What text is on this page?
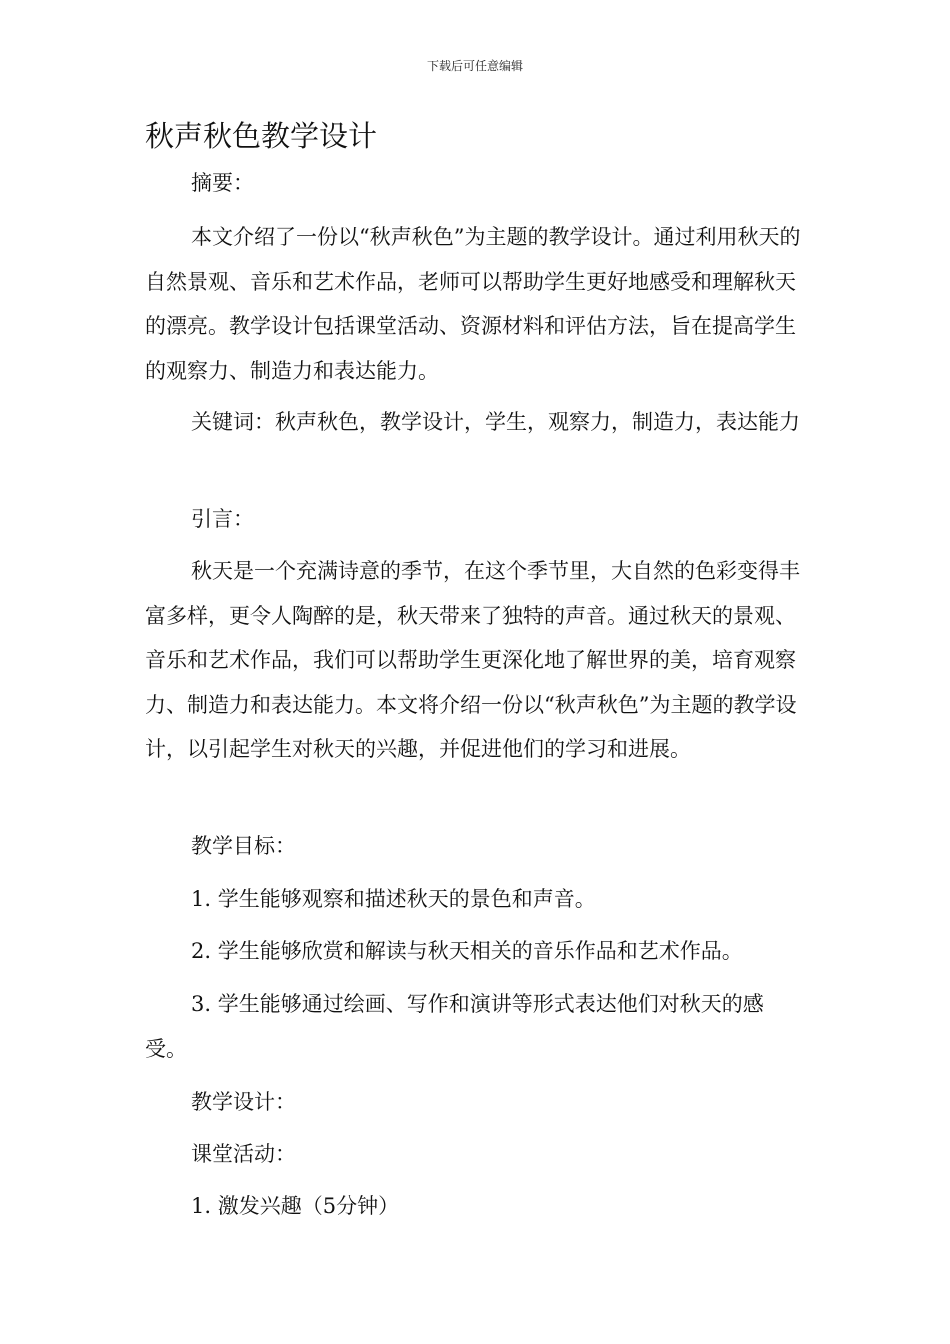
下载后可任意编辑
秋声秋色教学设计

摘要：

本文介绍了一份以“秋声秋色”为主题的教学设计。通过利用秋天的自然景观、音乐和艺术作品，老师可以帮助学生更好地感受和理解秋天的漂亮。教学设计包括课堂活动、资源材料和评估方法，旨在提高学生的观察力、制造力和表达能力。

关键词：秋声秋色，教学设计，学生，观察力，制造力，表达能力

引言：

秋天是一个充满诗意的季节，在这个季节里，大自然的色彩变得丰富多样，更令人陶醉的是，秋天带来了独特的声音。通过秋天的景观、音乐和艺术作品，我们可以帮助学生更深化地了解世界的美，培育观察力、制造力和表达能力。本文将介绍一份以“秋声秋色”为主题的教学设计，以引起学生对秋天的兴趣，并促进他们的学习和进展。

教学目标：

1. 学生能够观察和描述秋天的景色和声音。

2. 学生能够欣赏和解读与秋天相关的音乐作品和艺术作品。

3. 学生能够通过绘画、写作和演讲等形式表达他们对秋天的感受。

教学设计：

课堂活动：

1. 激发兴趣（5分钟）
